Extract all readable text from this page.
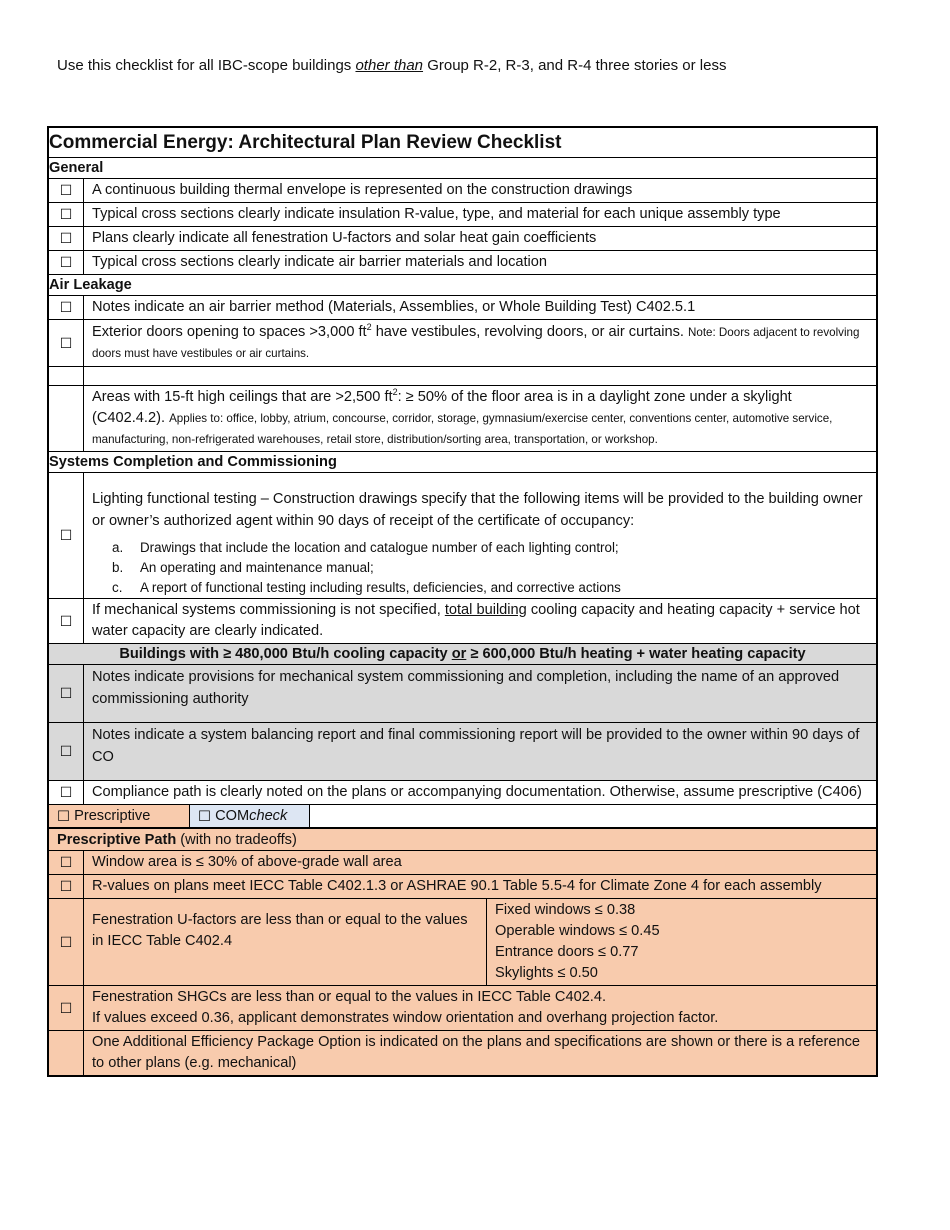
Use this checklist for all IBC-scope buildings other than Group R-2, R-3, and R-4 three stories or less
Commercial Energy: Architectural Plan Review Checklist
General
☐
A continuous building thermal envelope is represented on the construction drawings
☐
Typical cross sections clearly indicate insulation R-value, type, and material for each unique assembly type
☐
Plans clearly indicate all fenestration U-factors and solar heat gain coefficients
☐
Typical cross sections clearly indicate air barrier materials and location
Air Leakage
☐
Notes indicate an air barrier method (Materials, Assemblies, or Whole Building Test) C402.5.1
☐
Exterior doors opening to spaces >3,000 $ft^2$ have vestibules, revolving doors, or air curtains. Note: Doors adjacent to revolving doors must have vestibules or air curtains.
Areas with 15-ft high ceilings that are >2,500 $ft^2$: ≥ 50% of the floor area is in a daylight zone under a skylight (C402.4.2). Applies to: office, lobby, atrium, concourse, corridor, storage, gymnasium/exercise center, conventions center, automotive service, manufacturing, non-refrigerated warehouses, retail store, distribution/sorting area, transportation, or workshop.
Systems Completion and Commissioning
☐
Lighting functional testing – Construction drawings specify that the following items will be provided to the building owner or owner’s authorized agent within 90 days of receipt of the certificate of occupancy:
a. Drawings that include the location and catalogue number of each lighting control;
b. An operating and maintenance manual;
c. A report of functional testing including results, deficiencies, and corrective actions
☐
If mechanical systems commissioning is not specified, total building cooling capacity and heating capacity + service hot water capacity are clearly indicated.
Buildings with ≥ 480,000 Btu/h cooling capacity or ≥ 600,000 Btu/h heating + water heating capacity
☐
Notes indicate provisions for mechanical system commissioning and completion, including the name of an approved commissioning authority
☐
Notes indicate a system balancing report and final commissioning report will be provided to the owner within 90 days of CO
☐
Compliance path is clearly noted on the plans or accompanying documentation. Otherwise, assume prescriptive (C406)
☐
Prescriptive
☐	COM check
Prescriptive Path (with no tradeoffs)
☐
Window area is ≤ 30% of above-grade wall area
☐
R-values on plans meet IECC Table C402.1.3 or ASHRAE 90.1 Table 5.5-4 for Climate Zone 4 for each assembly
☐
Fenestration U-factors are less than or equal to the values in IECC Table C402.4
Fixed windows ≤ 0.38
Operable windows ≤ 0.45
Entrance doors ≤ 0.77
Skylights ≤ 0.50
☐
Fenestration SHGCs are less than or equal to the values in IECC Table C402.4.
If values exceed 0.36, applicant demonstrates window orientation and overhang projection factor.
One Additional Efficiency Package Option is indicated on the plans and specifications are shown or there is a reference to other plans (e.g. mechanical)
